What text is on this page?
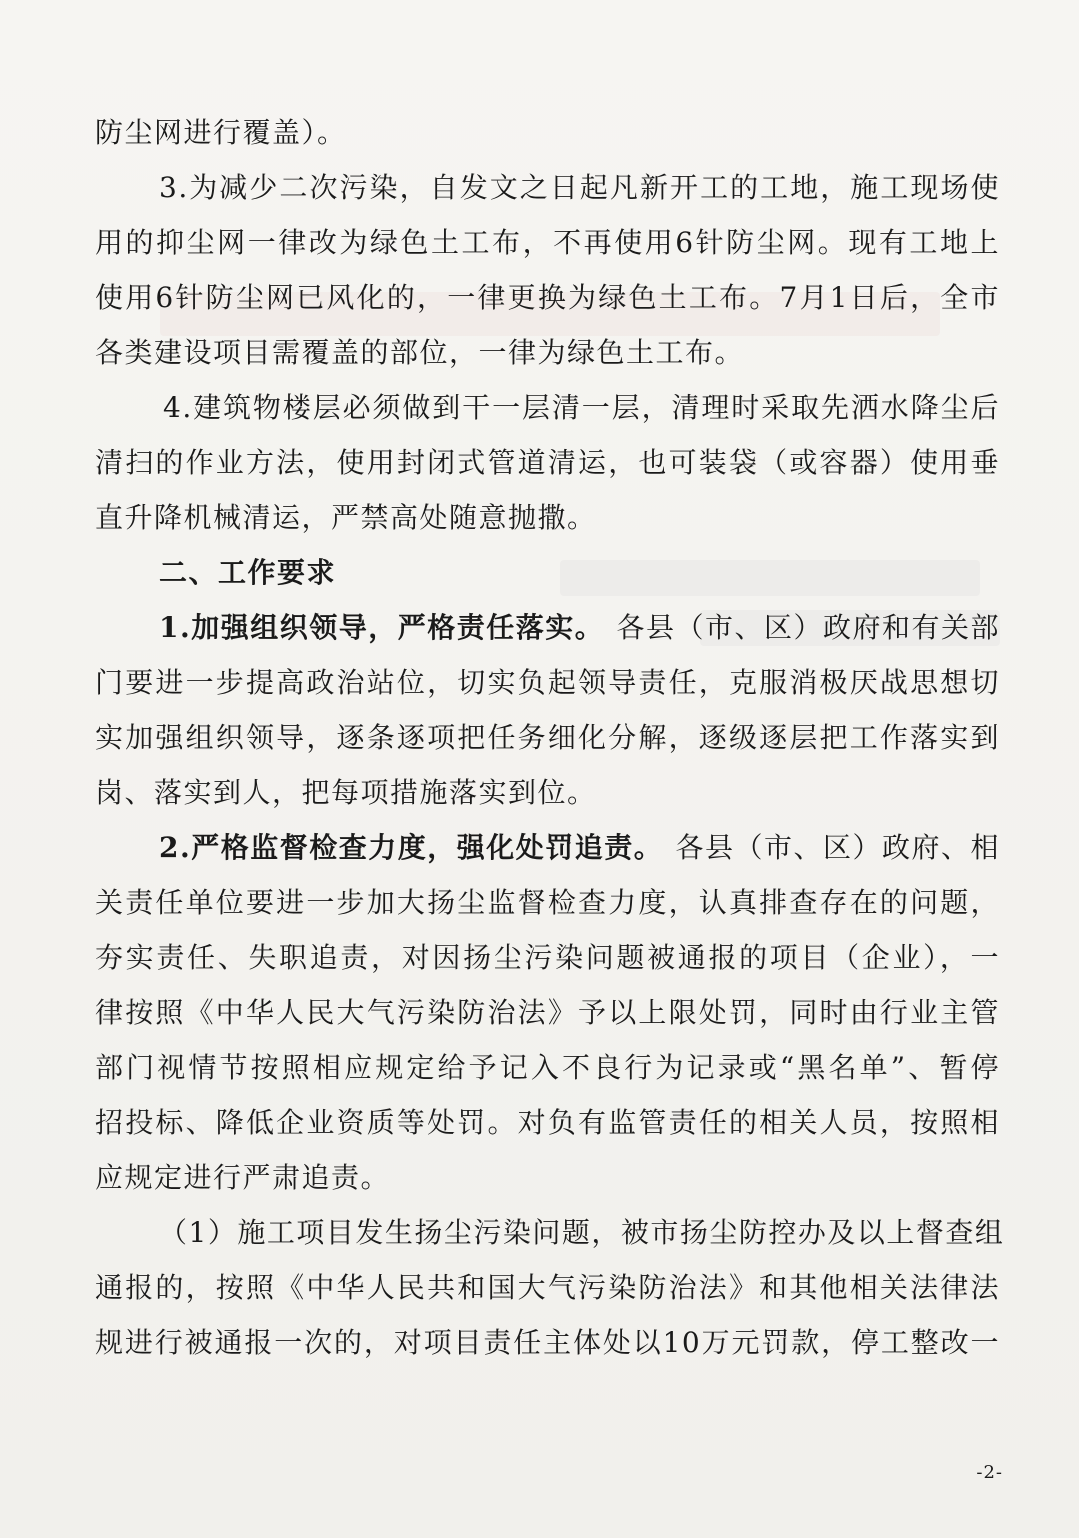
防尘网进行覆盖）。
3.为减少二次污染，自发文之日起凡新开工的工地，施工现场使
用的抑尘网一律改为绿色土工布，不再使用6针防尘网。现有工地上
使用6针防尘网已风化的，一律更换为绿色土工布。7月1日后，全市
各类建设项目需覆盖的部位，一律为绿色土工布。
4.建筑物楼层必须做到干一层清一层，清理时采取先洒水降尘后
清扫的作业方法，使用封闭式管道清运，也可装袋（或容器）使用垂
直升降机械清运，严禁高处随意抛撒。
二、工作要求
1.加强组织领导，严格责任落实。 各县（市、区）政府和有关部
门要进一步提高政治站位，切实负起领导责任，克服消极厌战思想切
实加强组织领导，逐条逐项把任务细化分解，逐级逐层把工作落实到
岗、落实到人，把每项措施落实到位。
2.严格监督检查力度，强化处罚追责。 各县（市、区）政府、相
关责任单位要进一步加大扬尘监督检查力度，认真排查存在的问题，
夯实责任、失职追责，对因扬尘污染问题被通报的项目（企业），一
律按照《中华人民大气污染防治法》予以上限处罚，同时由行业主管
部门视情节按照相应规定给予记入不良行为记录或“黑名单”、暂停
招投标、降低企业资质等处罚。对负有监管责任的相关人员，按照相
应规定进行严肃追责。
（1）施工项目发生扬尘污染问题，被市扬尘防控办及以上督查组
通报的，按照《中华人民共和国大气污染防治法》和其他相关法律法
规进行被通报一次的，对项目责任主体处以10万元罚款，停工整改一
-2-
